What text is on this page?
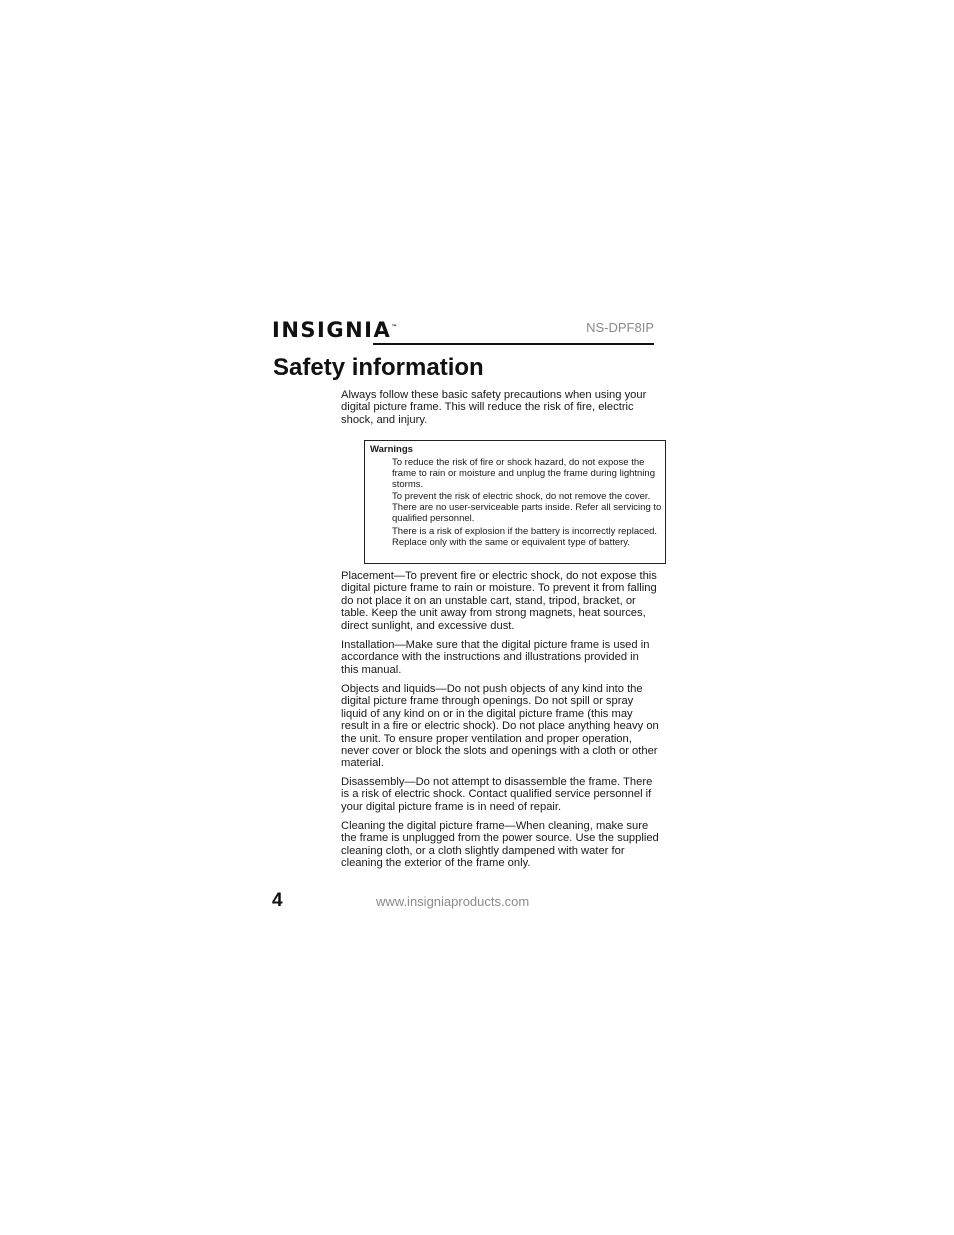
INSIGNIA™	NS-DPF8IP
Safety information

Always follow these basic safety precautions when using your digital picture frame. This will reduce the risk of fire, electric shock, and injury.

Warnings
To reduce the risk of fire or shock hazard, do not expose the frame to rain or moisture and unplug the frame during lightning storms.
To prevent the risk of electric shock, do not remove the cover. There are no user-serviceable parts inside. Refer all servicing to qualified personnel.
There is a risk of explosion if the battery is incorrectly replaced. Replace only with the same or equivalent type of battery.

Placement—To prevent fire or electric shock, do not expose this digital picture frame to rain or moisture. To prevent it from falling do not place it on an unstable cart, stand, tripod, bracket, or table. Keep the unit away from strong magnets, heat sources, direct sunlight, and excessive dust.

Installation—Make sure that the digital picture frame is used in accordance with the instructions and illustrations provided in this manual.

Objects and liquids—Do not push objects of any kind into the digital picture frame through openings. Do not spill or spray liquid of any kind on or in the digital picture frame (this may result in a fire or electric shock). Do not place anything heavy on the unit. To ensure proper ventilation and proper operation, never cover or block the slots and openings with a cloth or other material.

Disassembly—Do not attempt to disassemble the frame. There is a risk of electric shock. Contact qualified service personnel if your digital picture frame is in need of repair.

Cleaning the digital picture frame—When cleaning, make sure the frame is unplugged from the power source. Use the supplied cleaning cloth, or a cloth slightly dampened with water for cleaning the exterior of the frame only.

4	www.insigniaproducts.com
